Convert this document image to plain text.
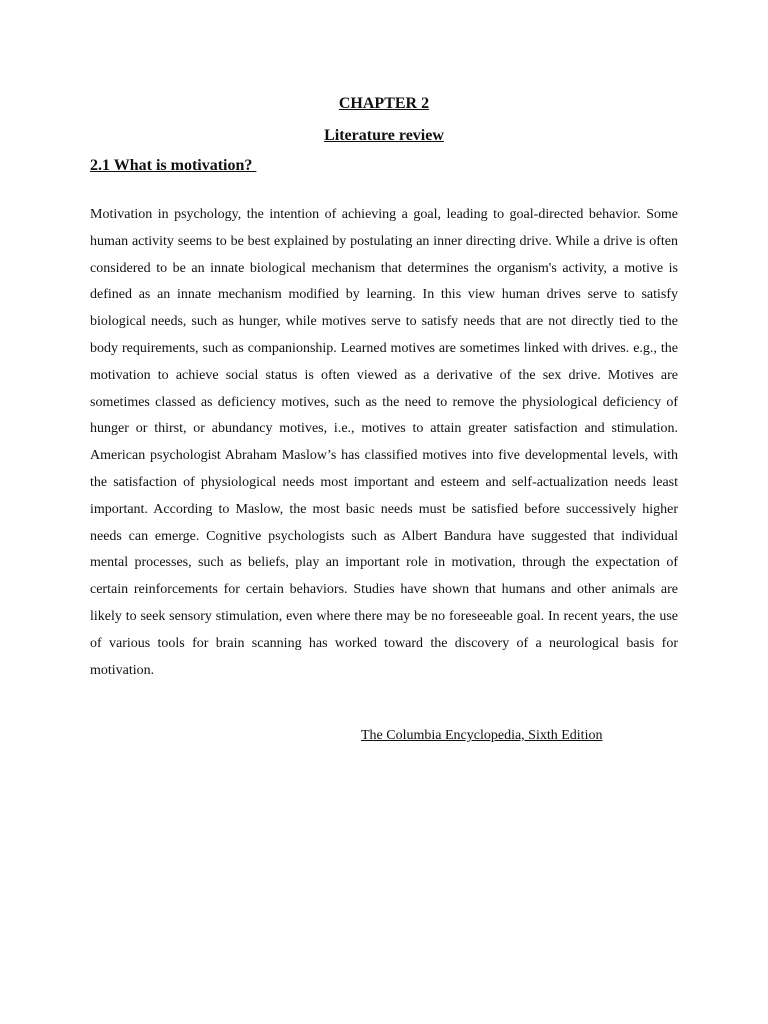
CHAPTER 2
Literature review
2.1 What is motivation?

Motivation in psychology, the intention of achieving a goal, leading to goal-directed behavior. Some human activity seems to be best explained by postulating an inner directing drive. While a drive is often considered to be an innate biological mechanism that determines the organism's activity, a motive is defined as an innate mechanism modified by learning. In this view human drives serve to satisfy biological needs, such as hunger, while motives serve to satisfy needs that are not directly tied to the body requirements, such as companionship. Learned motives are sometimes linked with drives. e.g., the motivation to achieve social status is often viewed as a derivative of the sex drive. Motives are sometimes classed as deficiency motives, such as the need to remove the physiological deficiency of hunger or thirst, or abundancy motives, i.e., motives to attain greater satisfaction and stimulation. American psychologist Abraham Maslow’s has classified motives into five developmental levels, with the satisfaction of physiological needs most important and esteem and self-actualization needs least important. According to Maslow, the most basic needs must be satisfied before successively higher needs can emerge. Cognitive psychologists such as Albert Bandura have suggested that individual mental processes, such as beliefs, play an important role in motivation, through the expectation of certain reinforcements for certain behaviors. Studies have shown that humans and other animals are likely to seek sensory stimulation, even where there may be no foreseeable goal. In recent years, the use of various tools for brain scanning has worked toward the discovery of a neurological basis for motivation.

The Columbia Encyclopedia, Sixth Edition
